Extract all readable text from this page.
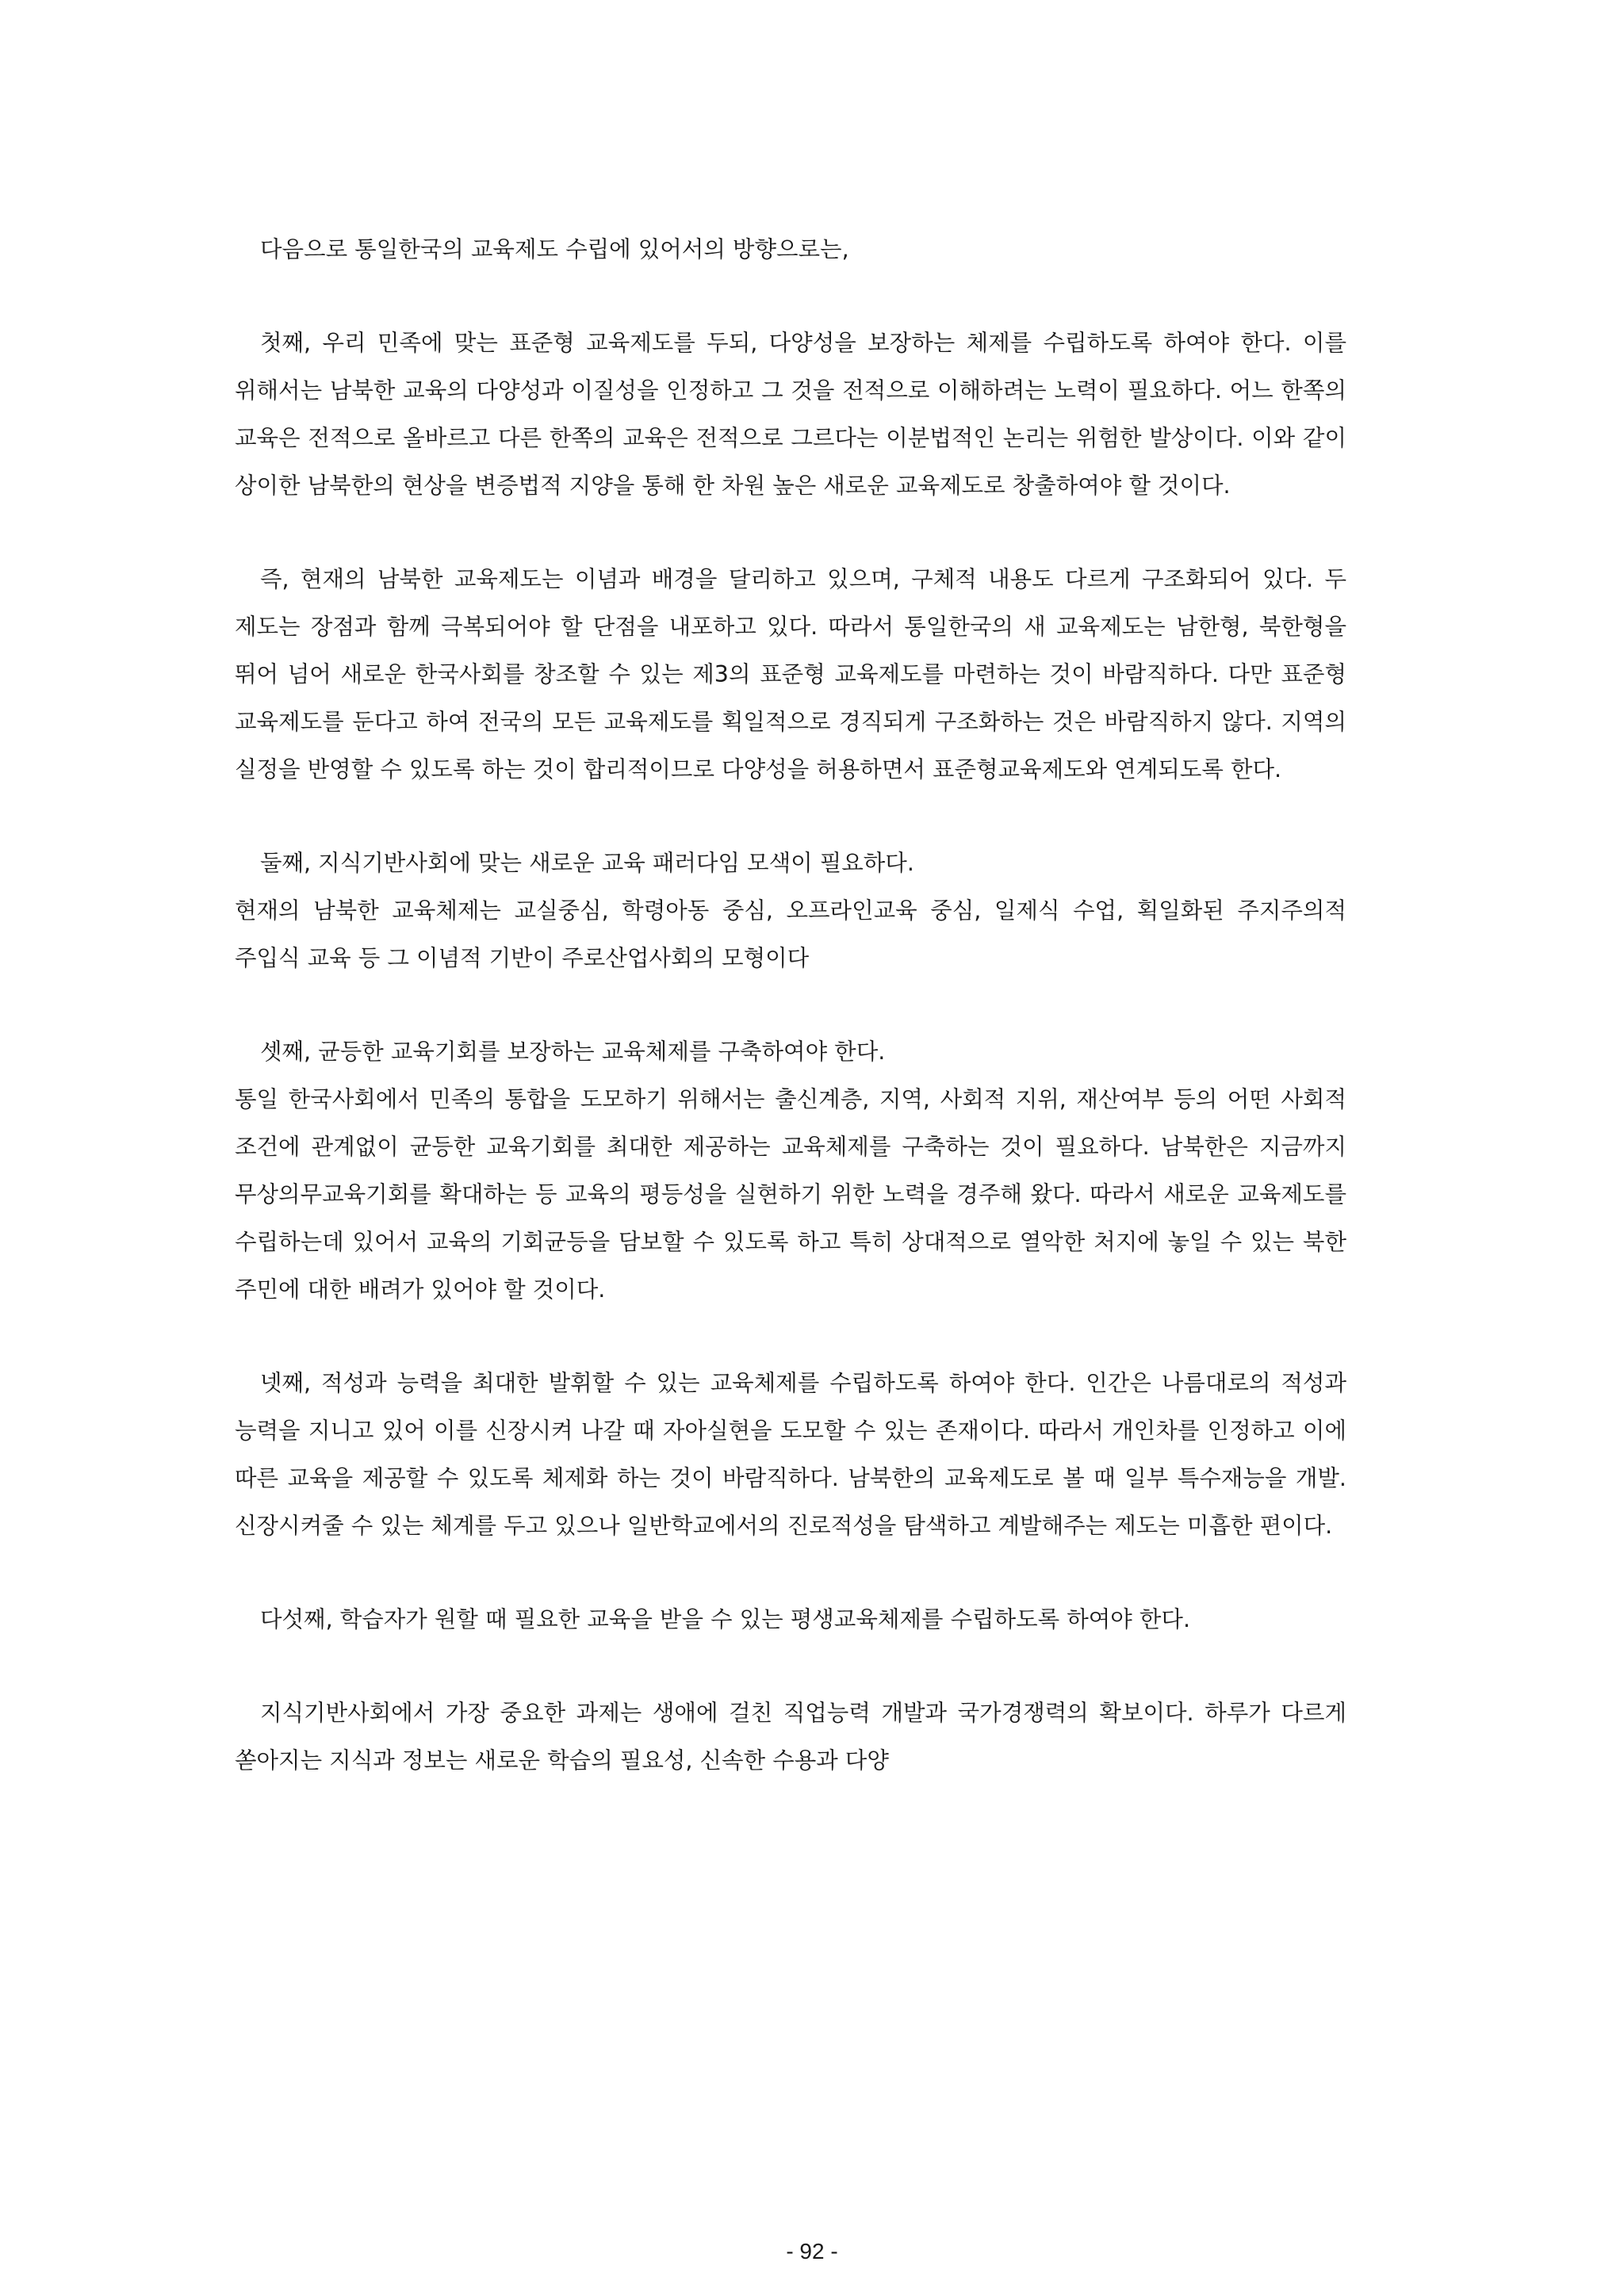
다음으로 통일한국의 교육제도 수립에 있어서의 방향으로는,

첫째, 우리 민족에 맞는 표준형 교육제도를 두되, 다양성을 보장하는 체제를 수립하도록 하여야 한다. 이를 위해서는 남북한 교육의 다양성과 이질성을 인정하고 그 것을 전적으로 이해하려는 노력이 필요하다. 어느 한쪽의 교육은 전적으로 올바르고 다른 한쪽의 교육은 전적으로 그르다는 이분법적인 논리는 위험한 발상이다. 이와 같이 상이한 남북한의 현상을 변증법적 지양을 통해 한 차원 높은 새로운 교육제도로 창출하여야 할 것이다.

즉, 현재의 남북한 교육제도는 이념과 배경을 달리하고 있으며, 구체적 내용도 다르게 구조화되어 있다. 두 제도는 장점과 함께 극복되어야 할 단점을 내포하고 있다. 따라서 통일한국의 새 교육제도는 남한형, 북한형을 뛰어 넘어 새로운 한국사회를 창조할 수 있는 제3의 표준형 교육제도를 마련하는 것이 바람직하다. 다만 표준형 교육제도를 둔다고 하여 전국의 모든 교육제도를 획일적으로 경직되게 구조화하는 것은 바람직하지 않다. 지역의 실정을 반영할 수 있도록 하는 것이 합리적이므로 다양성을 허용하면서 표준형교육제도와 연계되도록 한다.

둘째, 지식기반사회에 맞는 새로운 교육 패러다임 모색이 필요하다.

현재의 남북한 교육체제는 교실중심, 학령아동 중심, 오프라인교육 중심, 일제식 수업, 획일화된 주지주의적 주입식 교육 등 그 이념적 기반이 주로산업사회의 모형이다

셋째, 균등한 교육기회를 보장하는 교육체제를 구축하여야 한다.

통일 한국사회에서 민족의 통합을 도모하기 위해서는 출신계층, 지역, 사회적 지위, 재산여부 등의 어떤 사회적 조건에 관계없이 균등한 교육기회를 최대한 제공하는 교육체제를 구축하는 것이 필요하다. 남북한은 지금까지 무상의무교육기회를 확대하는 등 교육의 평등성을 실현하기 위한 노력을 경주해 왔다. 따라서 새로운 교육제도를 수립하는데 있어서 교육의 기회균등을 담보할 수 있도록 하고 특히 상대적으로 열악한 처지에 놓일 수 있는 북한 주민에 대한 배려가 있어야 할 것이다.

넷째, 적성과 능력을 최대한 발휘할 수 있는 교육체제를 수립하도록 하여야 한다. 인간은 나름대로의 적성과 능력을 지니고 있어 이를 신장시켜 나갈 때 자아실현을 도모할 수 있는 존재이다. 따라서 개인차를 인정하고 이에 따른 교육을 제공할 수 있도록 체제화 하는 것이 바람직하다. 남북한의 교육제도로 볼 때 일부 특수재능을 개발.신장시켜줄 수 있는 체계를 두고 있으나 일반학교에서의 진로적성을 탐색하고 계발해주는 제도는 미흡한 편이다.

다섯째, 학습자가 원할 때 필요한 교육을 받을 수 있는 평생교육체제를 수립하도록 하여야 한다.

지식기반사회에서 가장 중요한 과제는 생애에 걸친 직업능력 개발과 국가경쟁력의 확보이다. 하루가 다르게 쏟아지는 지식과 정보는 새로운 학습의 필요성, 신속한 수용과 다양

- 92 -
